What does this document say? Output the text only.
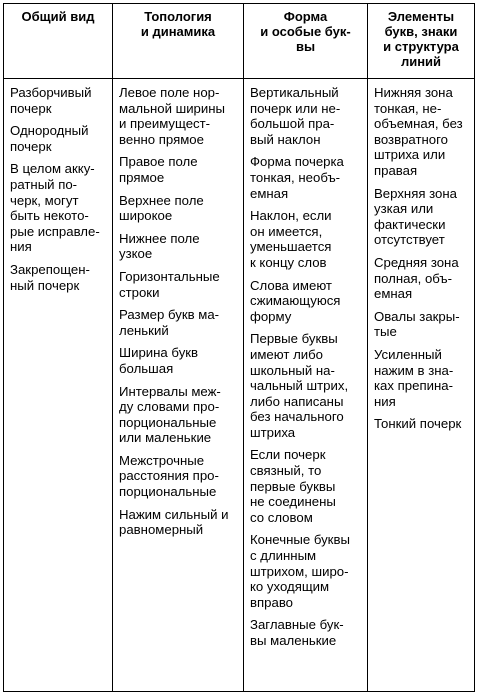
Общий вид
Разборчивый
почерк
Однородный
почерк
В целом акку-
ратный по-
черк, могут
быть некото-
рые исправле-
ния
Закрепощен-
ный почерк
Топология
и динамика
Левое поле нор-
мальной ширины
и преимущест-
венно прямое
Правое поле
прямое
Верхнее поле
широкое
Нижнее поле
узкое
Горизонтальные
строки
Размер букв ма-
ленький
Ширина букв
большая
Интервалы меж-
ду словами про-
порциональные
или маленькие
Межстрочные
расстояния про-
порциональные
Нажим сильный и
равномерный
Форма
и особые бук-
вы
Вертикальный
почерк или не-
большой пра-
вый наклон
Форма почерка
тонкая, необъ-
емная
Наклон, если
он имеется,
уменьшается
к концу слов
Слова имеют
сжимающуюся
форму
Первые буквы
имеют либо
школьный на-
чальный штрих,
либо написаны
без начального
штриха
Если почерк
связный, то
первые буквы
не соединены
со словом
Конечные буквы
с длинным
штрихом, широ-
ко уходящим
вправо
Заглавные бук-
вы маленькие
Элементы
букв, знаки
и структура
линий
Нижняя зона
тонкая, не-
объемная, без
возвратного
штриха или
правая
Верхняя зона
узкая или
фактически
отсутствует
Средняя зона
полная, объ-
емная
Овалы закры-
тые
Усиленный
нажим в зна-
ках препина-
ния
Тонкий почерк
